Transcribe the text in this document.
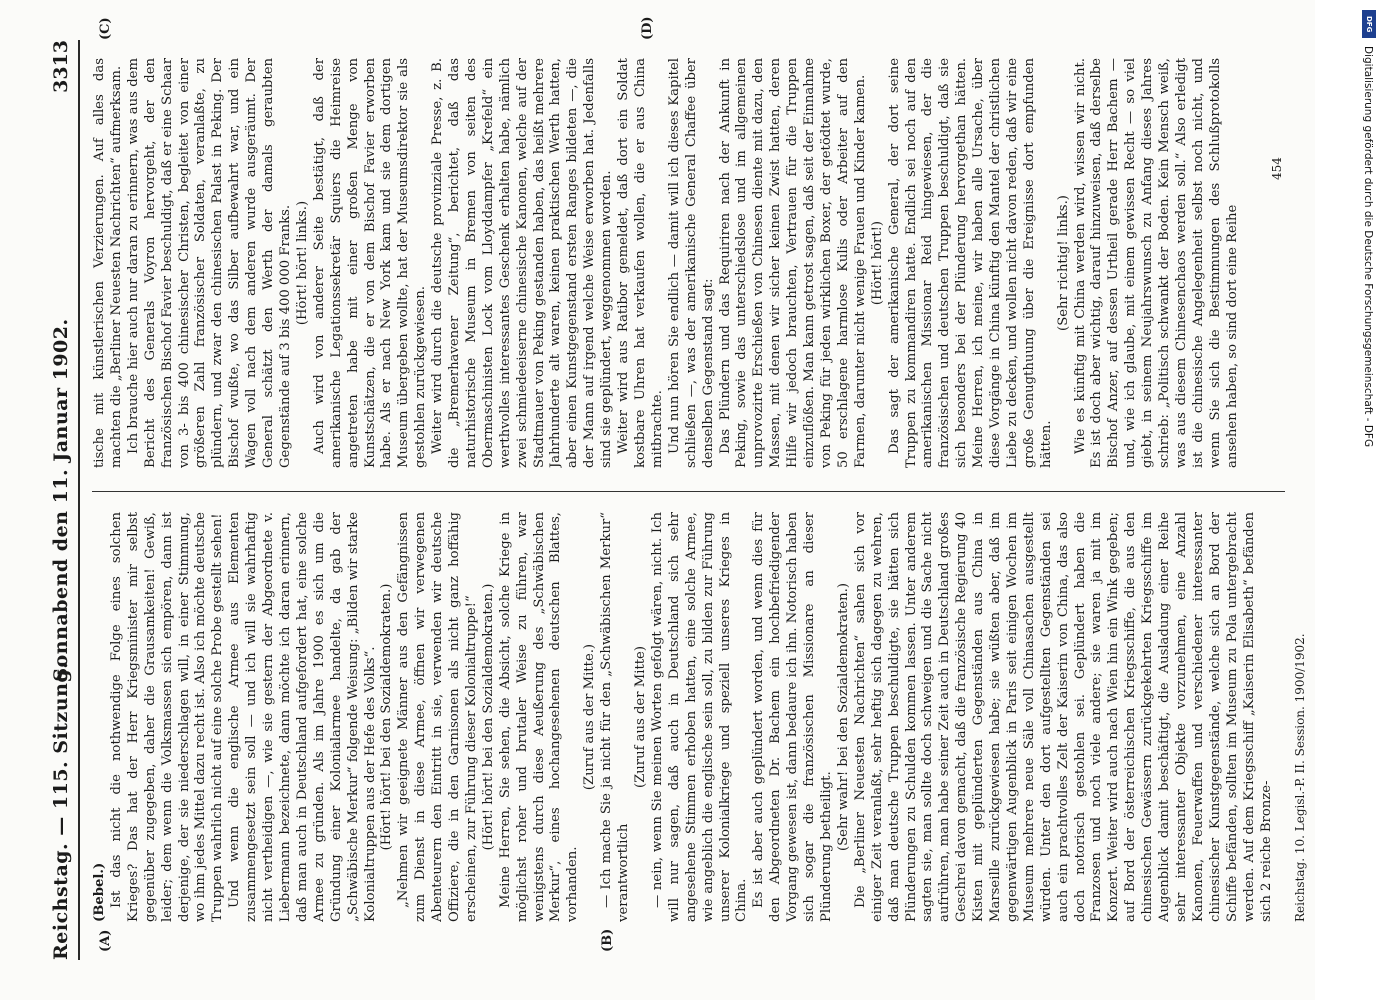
Reichstag. — 115. Sitzung.
Sonnabend den 11. Januar 1902.
3313
(A)	(B)
(C)	(D)

(Bebel.) Ist das nicht die nothwendige Folge eines solchen Krieges? Das hat der Herr Kriegsminister mir selbst gegenüber zugegeben, daher die Grausamkeiten! Gewiß, leider; dem wenn die Volksmassen sich empören, dann ist derjenige, der sie niederschlagen will, in einer Stimmung, wo ihm jedes Mittel dazu recht ist. Also ich möchte deutsche Truppen wahrlich nicht auf eine solche Probe gestellt sehen! Und wenn die englische Armee aus Elementen zusammengesetzt sein soll — und ich will sie wahrhaftig nicht vertheidigen —, wie sie gestern der Abgeordnete v. Liebermann bezeichnete, dann möchte ich daran erinnern, daß man auch in Deutschland aufgefordert hat, eine solche Armee zu gründen. Als im Jahre 1900 es sich um die Gründung einer Kolonialarmee handelte, da gab der „Schwäbische Merkur“ folgende Weisung: „Bilden wir starke Kolonialtruppen aus der Hefe des Volks“. (Hört! hört! bei den Sozialdemokraten.) „Nehmen wir geeignete Männer aus den Gefängnissen zum Dienst in diese Armee, öffnen wir verwegenen Abenteurern den Eintritt in sie, verwenden wir deutsche Offiziere, die in den Garnisonen als nicht ganz hoffähig erscheinen, zur Führung dieser Kolonialtruppe!“ (Hört! hört! bei den Sozialdemokraten.) Meine Herren, Sie sehen, die Absicht, solche Kriege in möglichst roher und brutaler Weise zu führen, war wenigstens durch diese Aeußerung des „Schwäbischen Merkur“, eines hochangesehenen deutschen Blattes, vorhanden.

(Zuruf aus der Mitte.) — Ich mache Sie ja nicht für den „Schwäbischen Merkur“ verantwortlich

(Zuruf aus der Mitte) — nein, wenn Sie meinen Worten gefolgt wären, nicht. Ich will nur sagen, daß auch in Deutschland sich sehr angesehene Stimmen erhoben hatten, eine solche Armee, wie angeblich die englische sein soll, zu bilden zur Führung unserer Kolonialkriege und speziell unseres Krieges in China. Es ist aber auch geplündert worden, und wenn dies für den Abgeordneten Dr. Bachem ein hochbefriedigender Vorgang gewesen ist, dann bedaure ich ihn. Notorisch haben sich sogar die französischen Missionare an dieser Plünderung betheiligt. (Sehr wahr! bei den Sozialdemokraten.) Die „Berliner Neuesten Nachrichten“ sahen sich vor einiger Zeit veranlaßt, sehr heftig sich dagegen zu wehren, daß man deutsche Truppen beschuldigte, sie hätten sich Plünderungen zu Schulden kommen lassen. Unter anderem sagten sie, man sollte doch schweigen und die Sache nicht aufrühren, man habe seiner Zeit auch in Deutschland großes Geschrei davon gemacht, daß die französische Regierung 40 Kisten mit geplünderten Gegenständen aus China in Marseille zurückgewiesen habe; sie wüßten aber, daß im gegenwärtigen Augenblick in Paris seit einigen Wochen im Museum mehrere neue Säle voll Chinasachen ausgestellt würden. Unter den dort aufgestellten Gegenständen sei auch ein prachtvolles Zelt der Kaiserin von China, das also doch notorisch gestohlen sei. Geplündert haben die Franzosen und noch viele andere; sie waren ja mit im Konzert. Weiter wird auch nach Wien hin ein Wink gegeben; auf Bord der österreichischen Kriegsschiffe, die aus den chinesischen Gewässern zurückgekehrten Kriegsschiffe im Augenblick damit beschäftigt, die Ausladung einer Reihe sehr interessanter Objekte vorzunehmen, eine Anzahl Kanonen, Feuerwaffen und verschiedener interessanter chinesischer Kunstgegenstände, welche sich an Bord der Schiffe befänden, sollten im Museum zu Pola untergebracht werden. Auf dem Kriegsschiff „Kaiserin Elisabeth“ befänden sich 2 reiche Bronze-

tische mit künstlerischen Verzierungen. Auf alles das machten die „Berliner Neuesten Nachrichten“ aufmerksam. Ich brauche hier auch nur daran zu erinnern, was aus dem Bericht des Generals Voyron hervorgeht, der den französischen Bischof Favier beschuldigt, daß er eine Schaar von 3- bis 400 chinesischer Christen, begleitet von einer größeren Zahl französischer Soldaten, veranlaßte, zu plündern, und zwar den chinesischen Palast in Peking. Der Bischof wußte, wo das Silber aufbewahrt war, und ein Wagen voll nach dem anderen wurde ausgeräumt. Der General schätzt den Werth der damals geraubten Gegenstände auf 3 bis 400 000 Franks. (Hört! hört! links.) Auch wird von anderer Seite bestätigt, daß der amerikanische Legationssekretär Squiers die Heimreise angetreten habe mit einer großen Menge von Kunstschätzen, die er von dem Bischof Favier erworben habe. Als er nach New York kam und sie dem dortigen Museum übergeben wollte, hat der Museumsdirektor sie als gestohlen zurückgewiesen. Weiter wird durch die deutsche provinziale Presse, z. B. die „Bremerhavener Zeitung“, berichtet, daß das naturhistorische Museum in Bremen von seiten des Obermaschinisten Lock vom Lloyddampfer „Krefeld“ ein werthvolles interessantes Geschenk erhalten habe, nämlich zwei schmiedeeiserne chinesische Kanonen, welche auf der Stadtmauer von Peking gestanden haben, das heißt mehrere Jahrhunderte alt waren, keinen praktischen Werth hatten, aber einen Kunstgegenstand ersten Ranges bildeten —, die der Mann auf irgend welche Weise erworben hat. Jedenfalls sind sie geplündert, weggenommen worden. Weiter wird aus Ratibor gemeldet, daß dort ein Soldat kostbare Uhren hat verkaufen wollen, die er aus China mitbrachte. Und nun hören Sie endlich — damit will ich dieses Kapitel schließen —, was der amerikanische General Chaffee über denselben Gegenstand sagt: Das Plündern und das Requiriren nach der Ankunft in Peking, sowie das unterschiedslose und im allgemeinen unprovozirte Erschießen von Chinesen diente mit dazu, den Massen, mit denen wir sicher keinen Zwist hatten, deren Hilfe wir jedoch brauchten, Vertrauen für die Truppen einzuflößen. Man kann getrost sagen, daß seit der Einnahme von Peking für jeden wirklichen Boxer, der getödtet wurde, 50 erschlagene harmlose Kulis oder Arbeiter auf den Farmen, darunter nicht wenige Frauen und Kinder kamen. (Hört! hört!) Das sagt der amerikanische General, der dort seine Truppen zu kommandiren hatte. Endlich sei noch auf den amerikanischen Missionar Reid hingewiesen, der die französischen und deutschen Truppen beschuldigt, daß sie sich besonders bei der Plünderung hervorgethan hätten. Meine Herren, ich meine, wir haben alle Ursache, über diese Vorgänge in China künftig den Mantel der christlichen Liebe zu decken, und wollen nicht davon reden, daß wir eine große Genugthuung über die Ereignisse dort empfunden hätten.

(Sehr richtig! links.) Wie es künftig mit China werden wird, wissen wir nicht. Es ist doch aber wichtig, darauf hinzuweisen, daß derselbe Bischof Anzer, auf dessen Urtheil gerade Herr Bachem — und, wie ich glaube, mit einem gewissen Recht — so viel giebt, in seinem Neujahrswunsch zu Anfang dieses Jahres schrieb: „Politisch schwankt der Boden. Kein Mensch weiß, was aus diesem Chinesenchaos werden soll.“ Also erledigt ist die chinesische Angelegenheit selbst noch nicht, und wenn Sie sich die Bestimmungen des Schlußprotokolls ansehen haben, so sind dort eine Reihe

Reichstag. 10. Legisl.-P. II. Session. 1900/1902.
454
DFG
Digitalisierung gefördert durch die Deutsche Forschungsgemeinschaft - DFG
